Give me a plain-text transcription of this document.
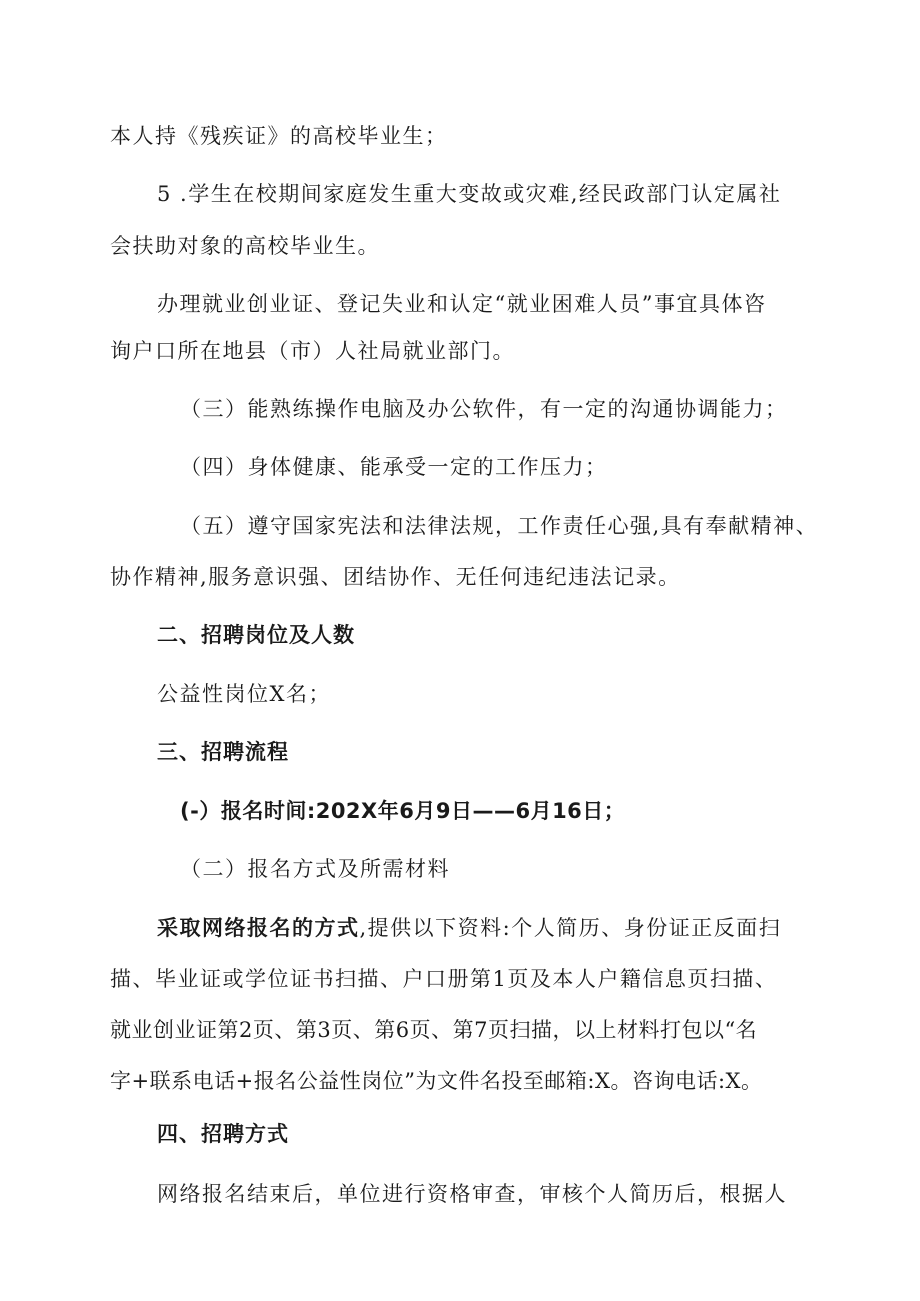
本人持《残疾证》的高校毕业生；
5 .学生在校期间家庭发生重大变故或灾难,经民政部门认定属社
会扶助对象的高校毕业生。
办理就业创业证、登记失业和认定“就业困难人员”事宜具体咨
询户口所在地县（市）人社局就业部门。
（三）能熟练操作电脑及办公软件，有一定的沟通协调能力；
（四）身体健康、能承受一定的工作压力；
（五）遵守国家宪法和法律法规，工作责任心强,具有奉献精神、
协作精神,服务意识强、团结协作、无任何违纪违法记录。
二、招聘岗位及人数
公益性岗位X名；
三、招聘流程
(-）报名时间:202X年6月9日——6月16日；
（二）报名方式及所需材料
采取网络报名的方式,提供以下资料:个人简历、身份证正反面扫
描、毕业证或学位证书扫描、户口册第1页及本人户籍信息页扫描、
就业创业证第2页、第3页、第6页、第7页扫描，以上材料打包以“名
字+联系电话+报名公益性岗位”为文件名投至邮箱:X。咨询电话:X。
四、招聘方式
网络报名结束后，单位进行资格审查，审核个人简历后，根据人
